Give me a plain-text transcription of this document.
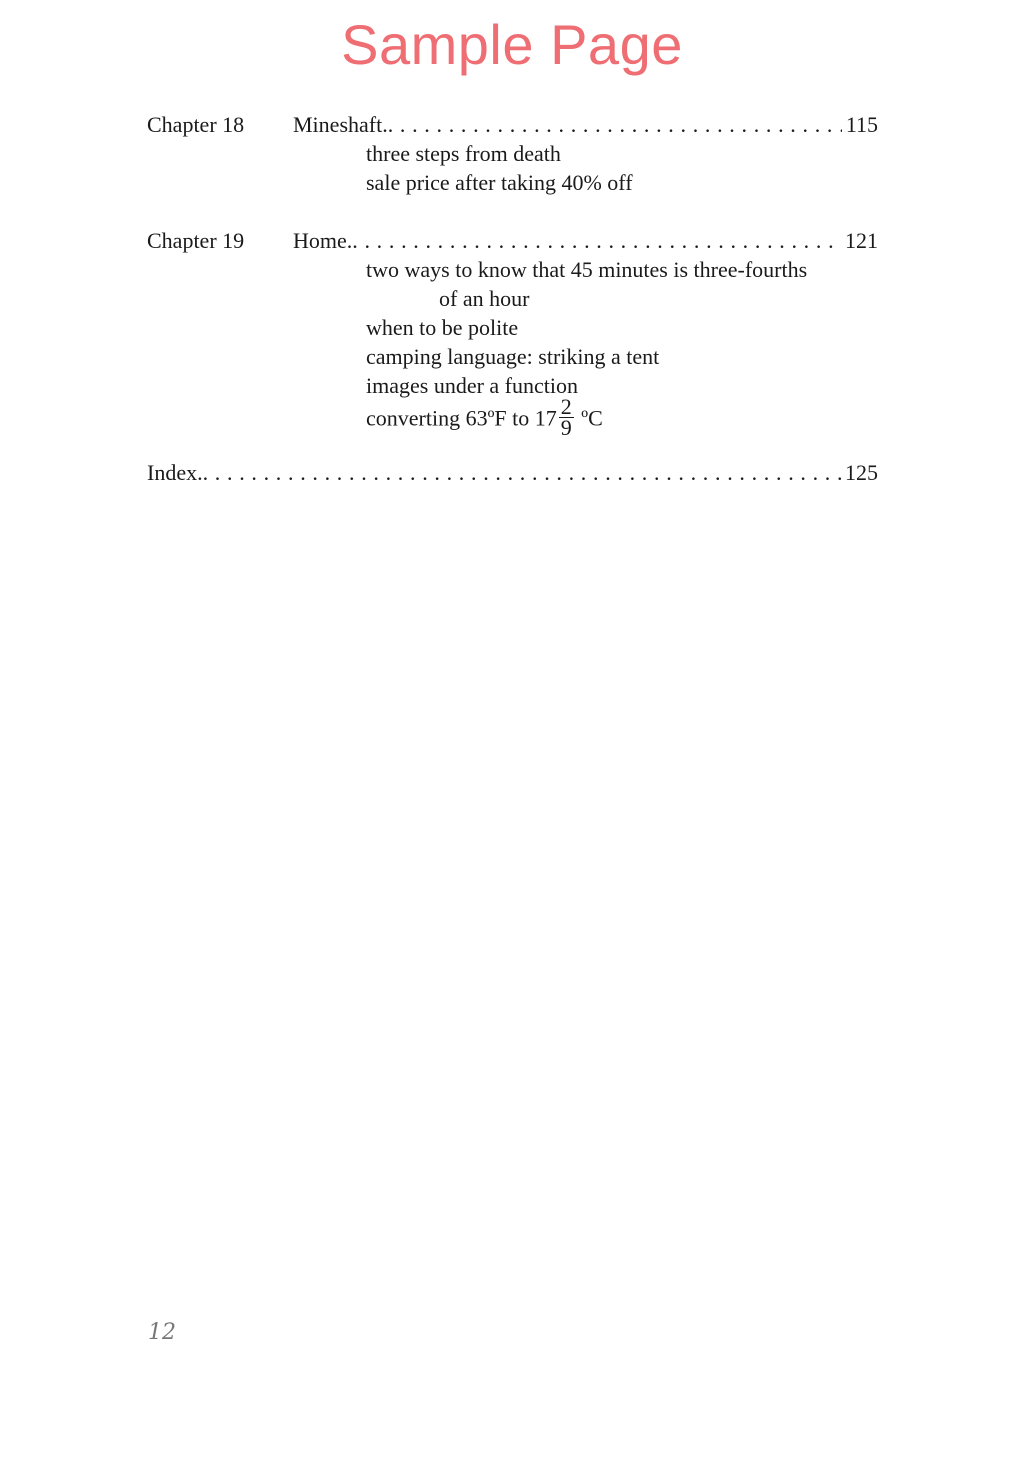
Sample Page
Chapter 18	Mineshaft. . . .	115
three steps from death
sale price after taking 40% off
Chapter 19	Home. . . .	121
two ways to know that 45 minutes is three-fourths
of an hour
when to be polite
camping language: striking a tent
images under a function
converting 63ºF to $17 \frac{2}{9}$ ºC
Index. . . .	125
12
